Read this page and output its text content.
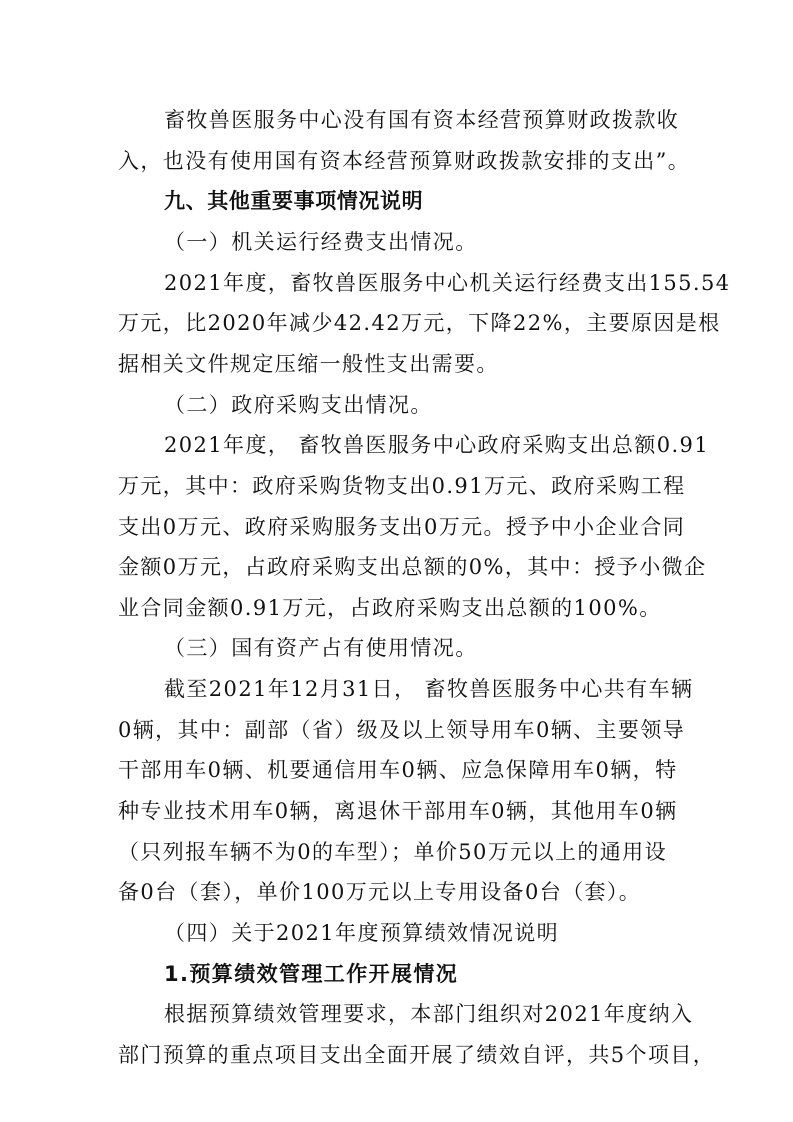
畜牧兽医服务中心没有国有资本经营预算财政拨款收
入，也没有使用国有资本经营预算财政拨款安排的支出”。
九、其他重要事项情况说明
（一）机关运行经费支出情况。
2021年度，畜牧兽医服务中心机关运行经费支出155.54
万元，比2020年减少42.42万元，下降22%，主要原因是根
据相关文件规定压缩一般性支出需要。
（二）政府采购支出情况。
2021年度， 畜牧兽医服务中心政府采购支出总额0.91
万元，其中：政府采购货物支出0.91万元、政府采购工程
支出0万元、政府采购服务支出0万元。授予中小企业合同
金额0万元，占政府采购支出总额的0%，其中：授予小微企
业合同金额0.91万元，占政府采购支出总额的100%。
（三）国有资产占有使用情况。
截至2021年12月31日， 畜牧兽医服务中心共有车辆
0辆，其中：副部（省）级及以上领导用车0辆、主要领导
干部用车0辆、机要通信用车0辆、应急保障用车0辆，特
种专业技术用车0辆，离退休干部用车0辆，其他用车0辆
（只列报车辆不为0的车型）；单价50万元以上的通用设
备0台（套），单价100万元以上专用设备0台（套）。
（四）关于2021年度预算绩效情况说明
1.预算绩效管理工作开展情况
根据预算绩效管理要求，本部门组织对2021年度纳入
部门预算的重点项目支出全面开展了绩效自评，共5个项目，
